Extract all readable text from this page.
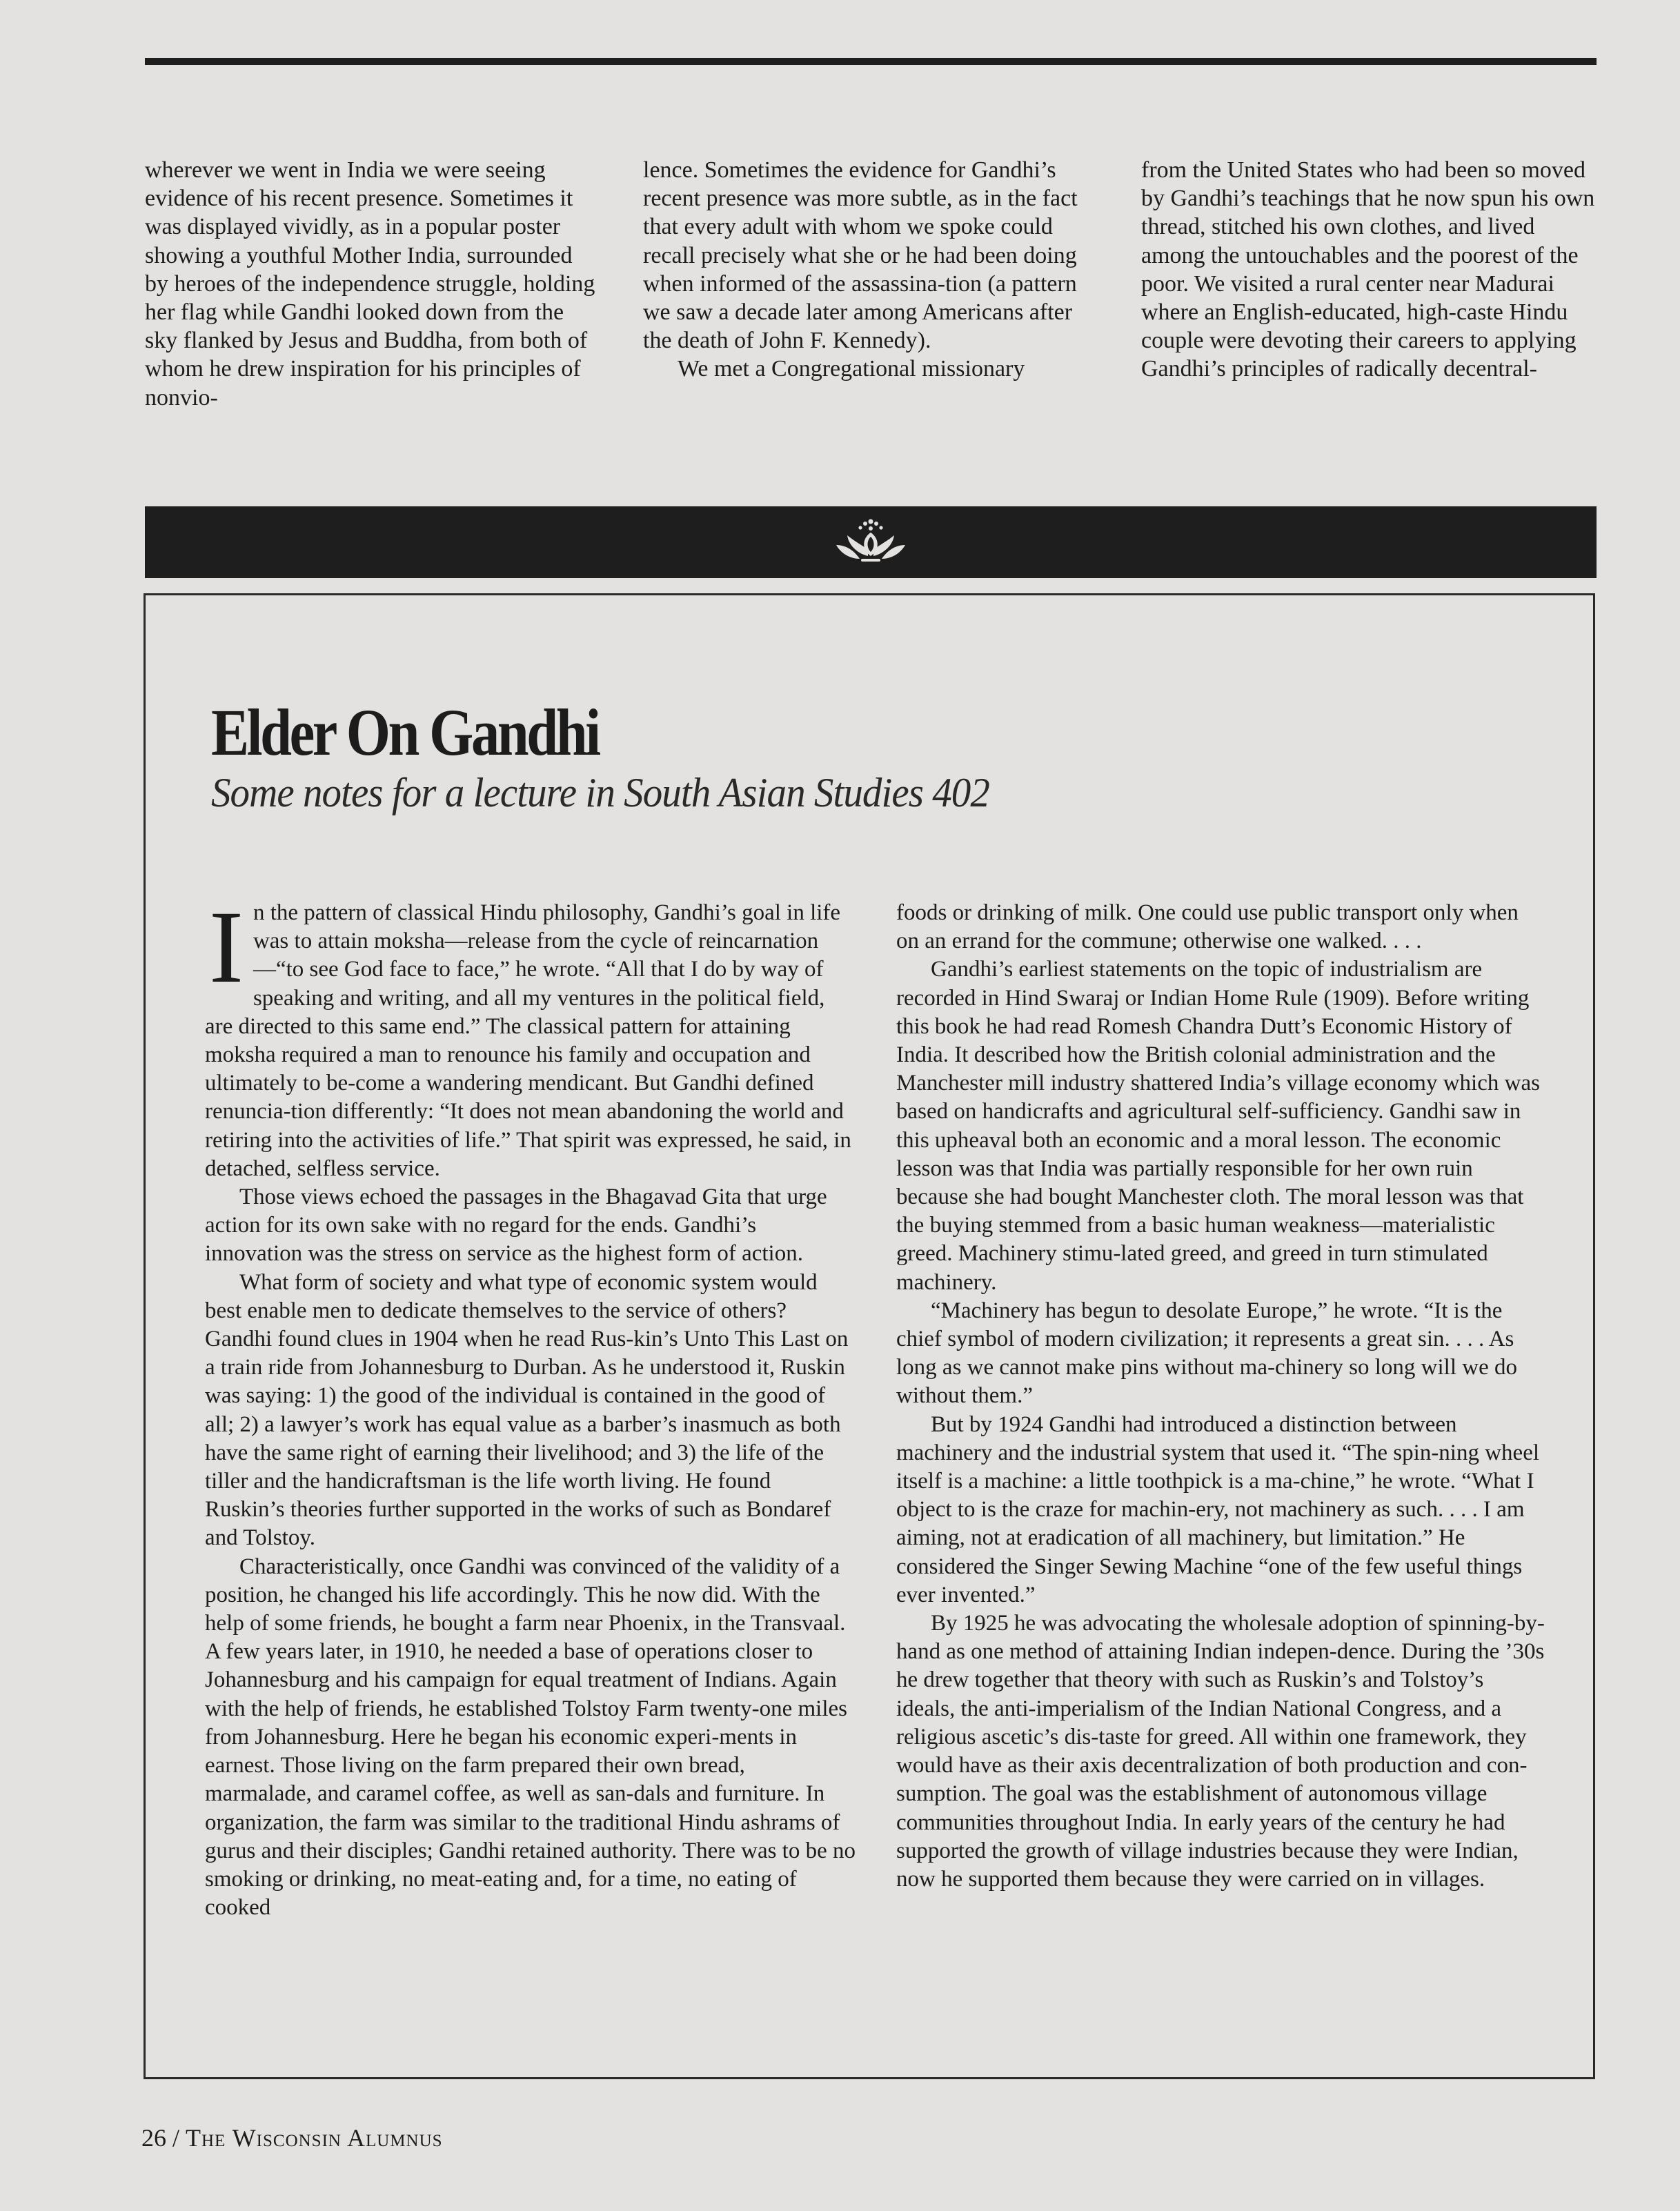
wherever we went in India we were seeing evidence of his recent presence. Sometimes it was displayed vividly, as in a popular poster showing a youthful Mother India, surrounded by heroes of the independence struggle, holding her flag while Gandhi looked down from the sky flanked by Jesus and Buddha, from both of whom he drew inspiration for his principles of nonvio-

lence. Sometimes the evidence for Gandhi’s recent presence was more subtle, as in the fact that every adult with whom we spoke could recall precisely what she or he had been doing when informed of the assassina-tion (a pattern we saw a decade later among Americans after the death of John F. Kennedy).

We met a Congregational missionary

from the United States who had been so moved by Gandhi’s teachings that he now spun his own thread, stitched his own clothes, and lived among the untouchables and the poorest of the poor. We visited a rural center near Madurai where an English-educated, high-caste Hindu couple were devoting their careers to applying Gandhi’s principles of radically decentral-

Elder On Gandhi
Some notes for a lecture in South Asian Studies 402

In the pattern of classical Hindu philosophy, Gandhi’s goal in life was to attain moksha—release from the cycle of reincarnation—“to see God face to face,” he wrote. “All that I do by way of speaking and writing, and all my ventures in the political field, are directed to this same end.” The classical pattern for attaining moksha required a man to renounce his family and occupation and ultimately to be-come a wandering mendicant. But Gandhi defined renuncia-tion differently: “It does not mean abandoning the world and retiring into the activities of life.” That spirit was expressed, he said, in detached, selfless service.

Those views echoed the passages in the Bhagavad Gita that urge action for its own sake with no regard for the ends. Gandhi’s innovation was the stress on service as the highest form of action.

What form of society and what type of economic system would best enable men to dedicate themselves to the service of others? Gandhi found clues in 1904 when he read Rus-kin’s Unto This Last on a train ride from Johannesburg to Durban. As he understood it, Ruskin was saying: 1) the good of the individual is contained in the good of all; 2) a lawyer’s work has equal value as a barber’s inasmuch as both have the same right of earning their livelihood; and 3) the life of the tiller and the handicraftsman is the life worth living. He found Ruskin’s theories further supported in the works of such as Bondaref and Tolstoy.

Characteristically, once Gandhi was convinced of the validity of a position, he changed his life accordingly. This he now did. With the help of some friends, he bought a farm near Phoenix, in the Transvaal. A few years later, in 1910, he needed a base of operations closer to Johannesburg and his campaign for equal treatment of Indians. Again with the help of friends, he established Tolstoy Farm twenty-one miles from Johannesburg. Here he began his economic experi-ments in earnest. Those living on the farm prepared their own bread, marmalade, and caramel coffee, as well as san-dals and furniture. In organization, the farm was similar to the traditional Hindu ashrams of gurus and their disciples; Gandhi retained authority. There was to be no smoking or drinking, no meat-eating and, for a time, no eating of cooked

foods or drinking of milk. One could use public transport only when on an errand for the commune; otherwise one walked. . . .

Gandhi’s earliest statements on the topic of industrialism are recorded in Hind Swaraj or Indian Home Rule (1909). Before writing this book he had read Romesh Chandra Dutt’s Economic History of India. It described how the British colonial administration and the Manchester mill industry shattered India’s village economy which was based on handicrafts and agricultural self-sufficiency. Gandhi saw in this upheaval both an economic and a moral lesson. The economic lesson was that India was partially responsible for her own ruin because she had bought Manchester cloth. The moral lesson was that the buying stemmed from a basic human weakness—materialistic greed. Machinery stimu-lated greed, and greed in turn stimulated machinery.

“Machinery has begun to desolate Europe,” he wrote. “It is the chief symbol of modern civilization; it represents a great sin. . . . As long as we cannot make pins without ma-chinery so long will we do without them.”

But by 1924 Gandhi had introduced a distinction between machinery and the industrial system that used it. “The spin-ning wheel itself is a machine: a little toothpick is a ma-chine,” he wrote. “What I object to is the craze for machin-ery, not machinery as such. . . . I am aiming, not at eradication of all machinery, but limitation.” He considered the Singer Sewing Machine “one of the few useful things ever invented.”

By 1925 he was advocating the wholesale adoption of spinning-by-hand as one method of attaining Indian indepen-dence. During the ’30s he drew together that theory with such as Ruskin’s and Tolstoy’s ideals, the anti-imperialism of the Indian National Congress, and a religious ascetic’s dis-taste for greed. All within one framework, they would have as their axis decentralization of both production and con-sumption. The goal was the establishment of autonomous village communities throughout India. In early years of the century he had supported the growth of village industries because they were Indian, now he supported them because they were carried on in villages.

26 / The Wisconsin Alumnus
